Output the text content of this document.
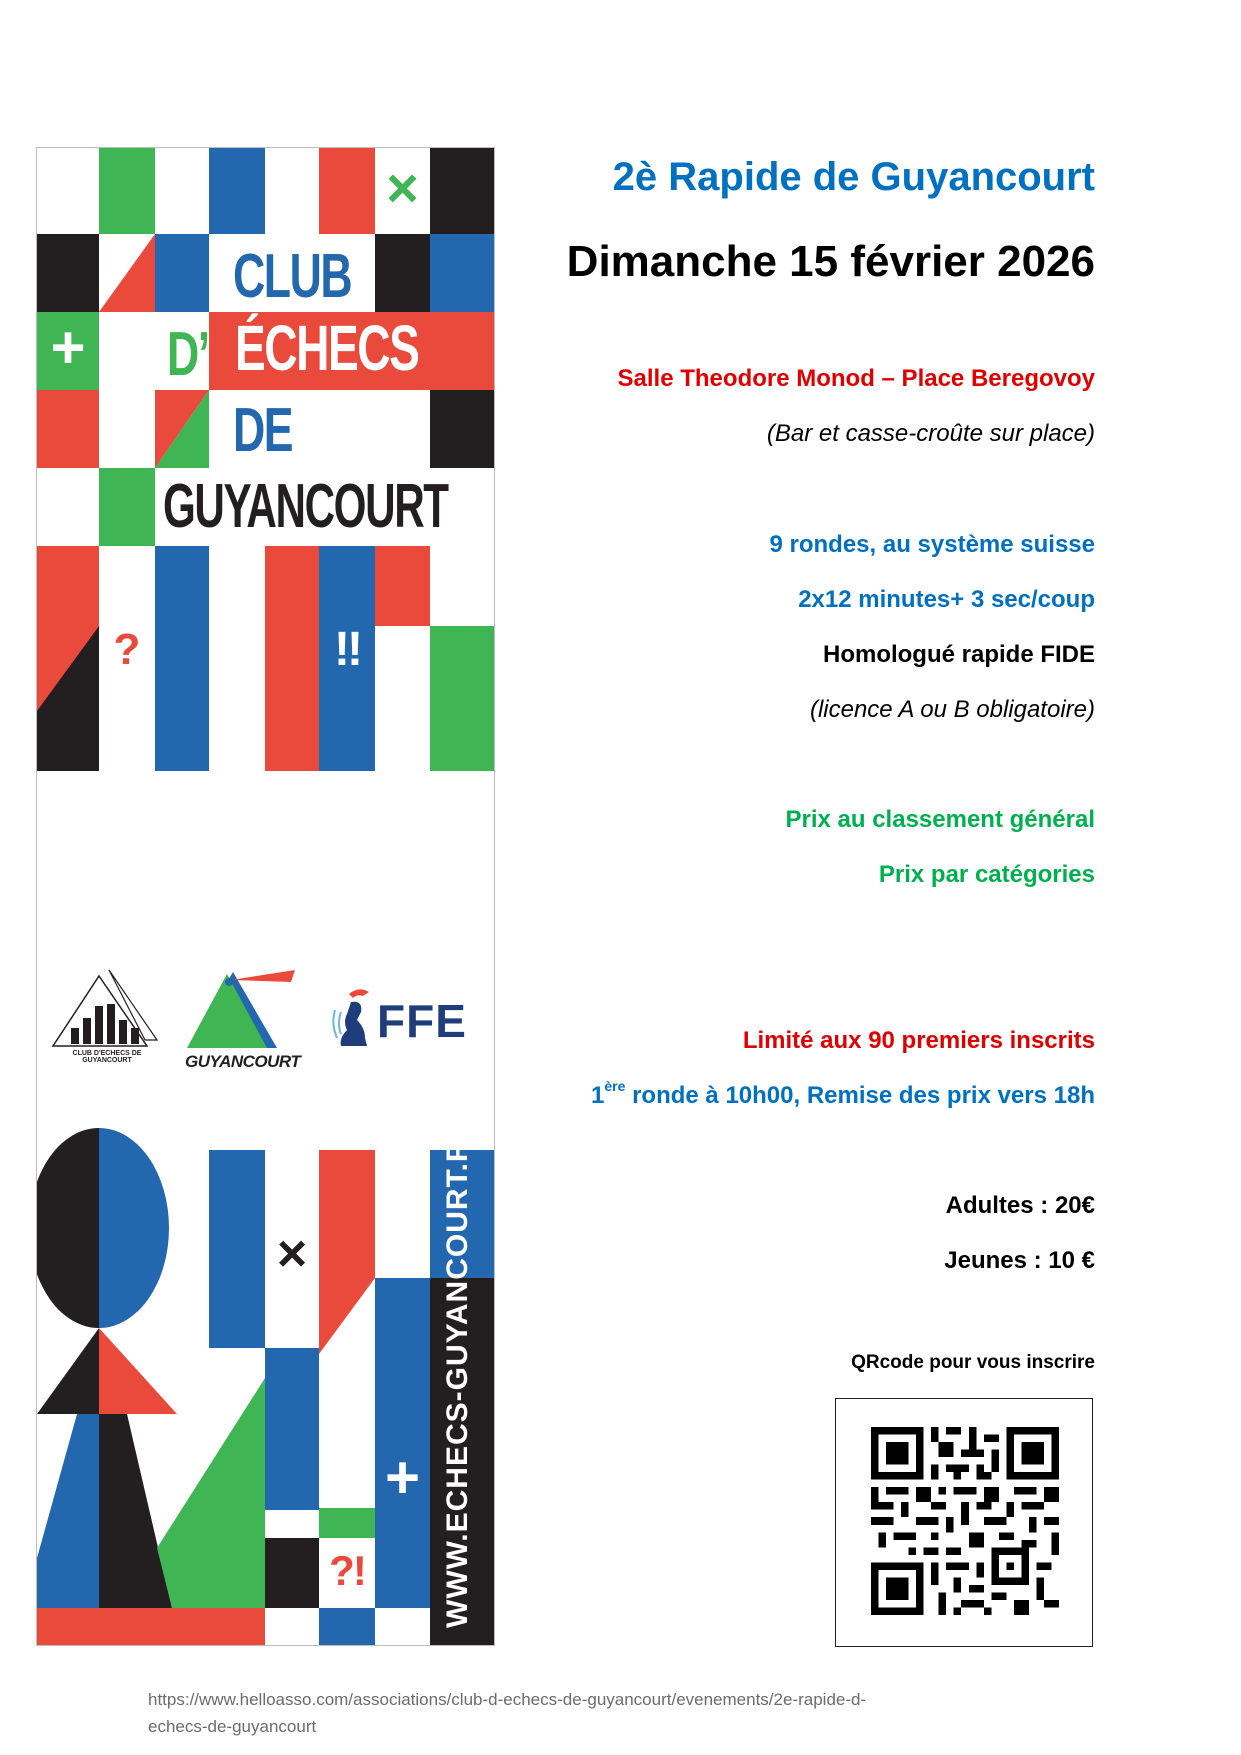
×
CLUB
+ D’ ÉCHECS
DE
GUYANCOURT
?	!!
CLUB D'ECHECS DE
GUYANCOURT	GUYANCOURT
FFE
×
+
?!	WWW.ECHECS-GUYANCOURT.FR
2è Rapide de Guyancourt
Dimanche 15 février 2026
Salle Theodore Monod – Place Beregovoy
(Bar et casse-croûte sur place)
9 rondes, au système suisse
2x12 minutes+ 3 sec/coup
Homologué rapide FIDE
(licence A ou B obligatoire)
Prix au classement général
Prix par catégories
Limité aux 90 premiers inscrits
1ère ronde à 10h00, Remise des prix vers 18h
Adultes : 20€
Jeunes : 10 €
QRcode pour vous inscrire
https://www.helloasso.com/associations/club-d-echecs-de-guyancourt/evenements/2e-rapide-d-
echecs-de-guyancourt
